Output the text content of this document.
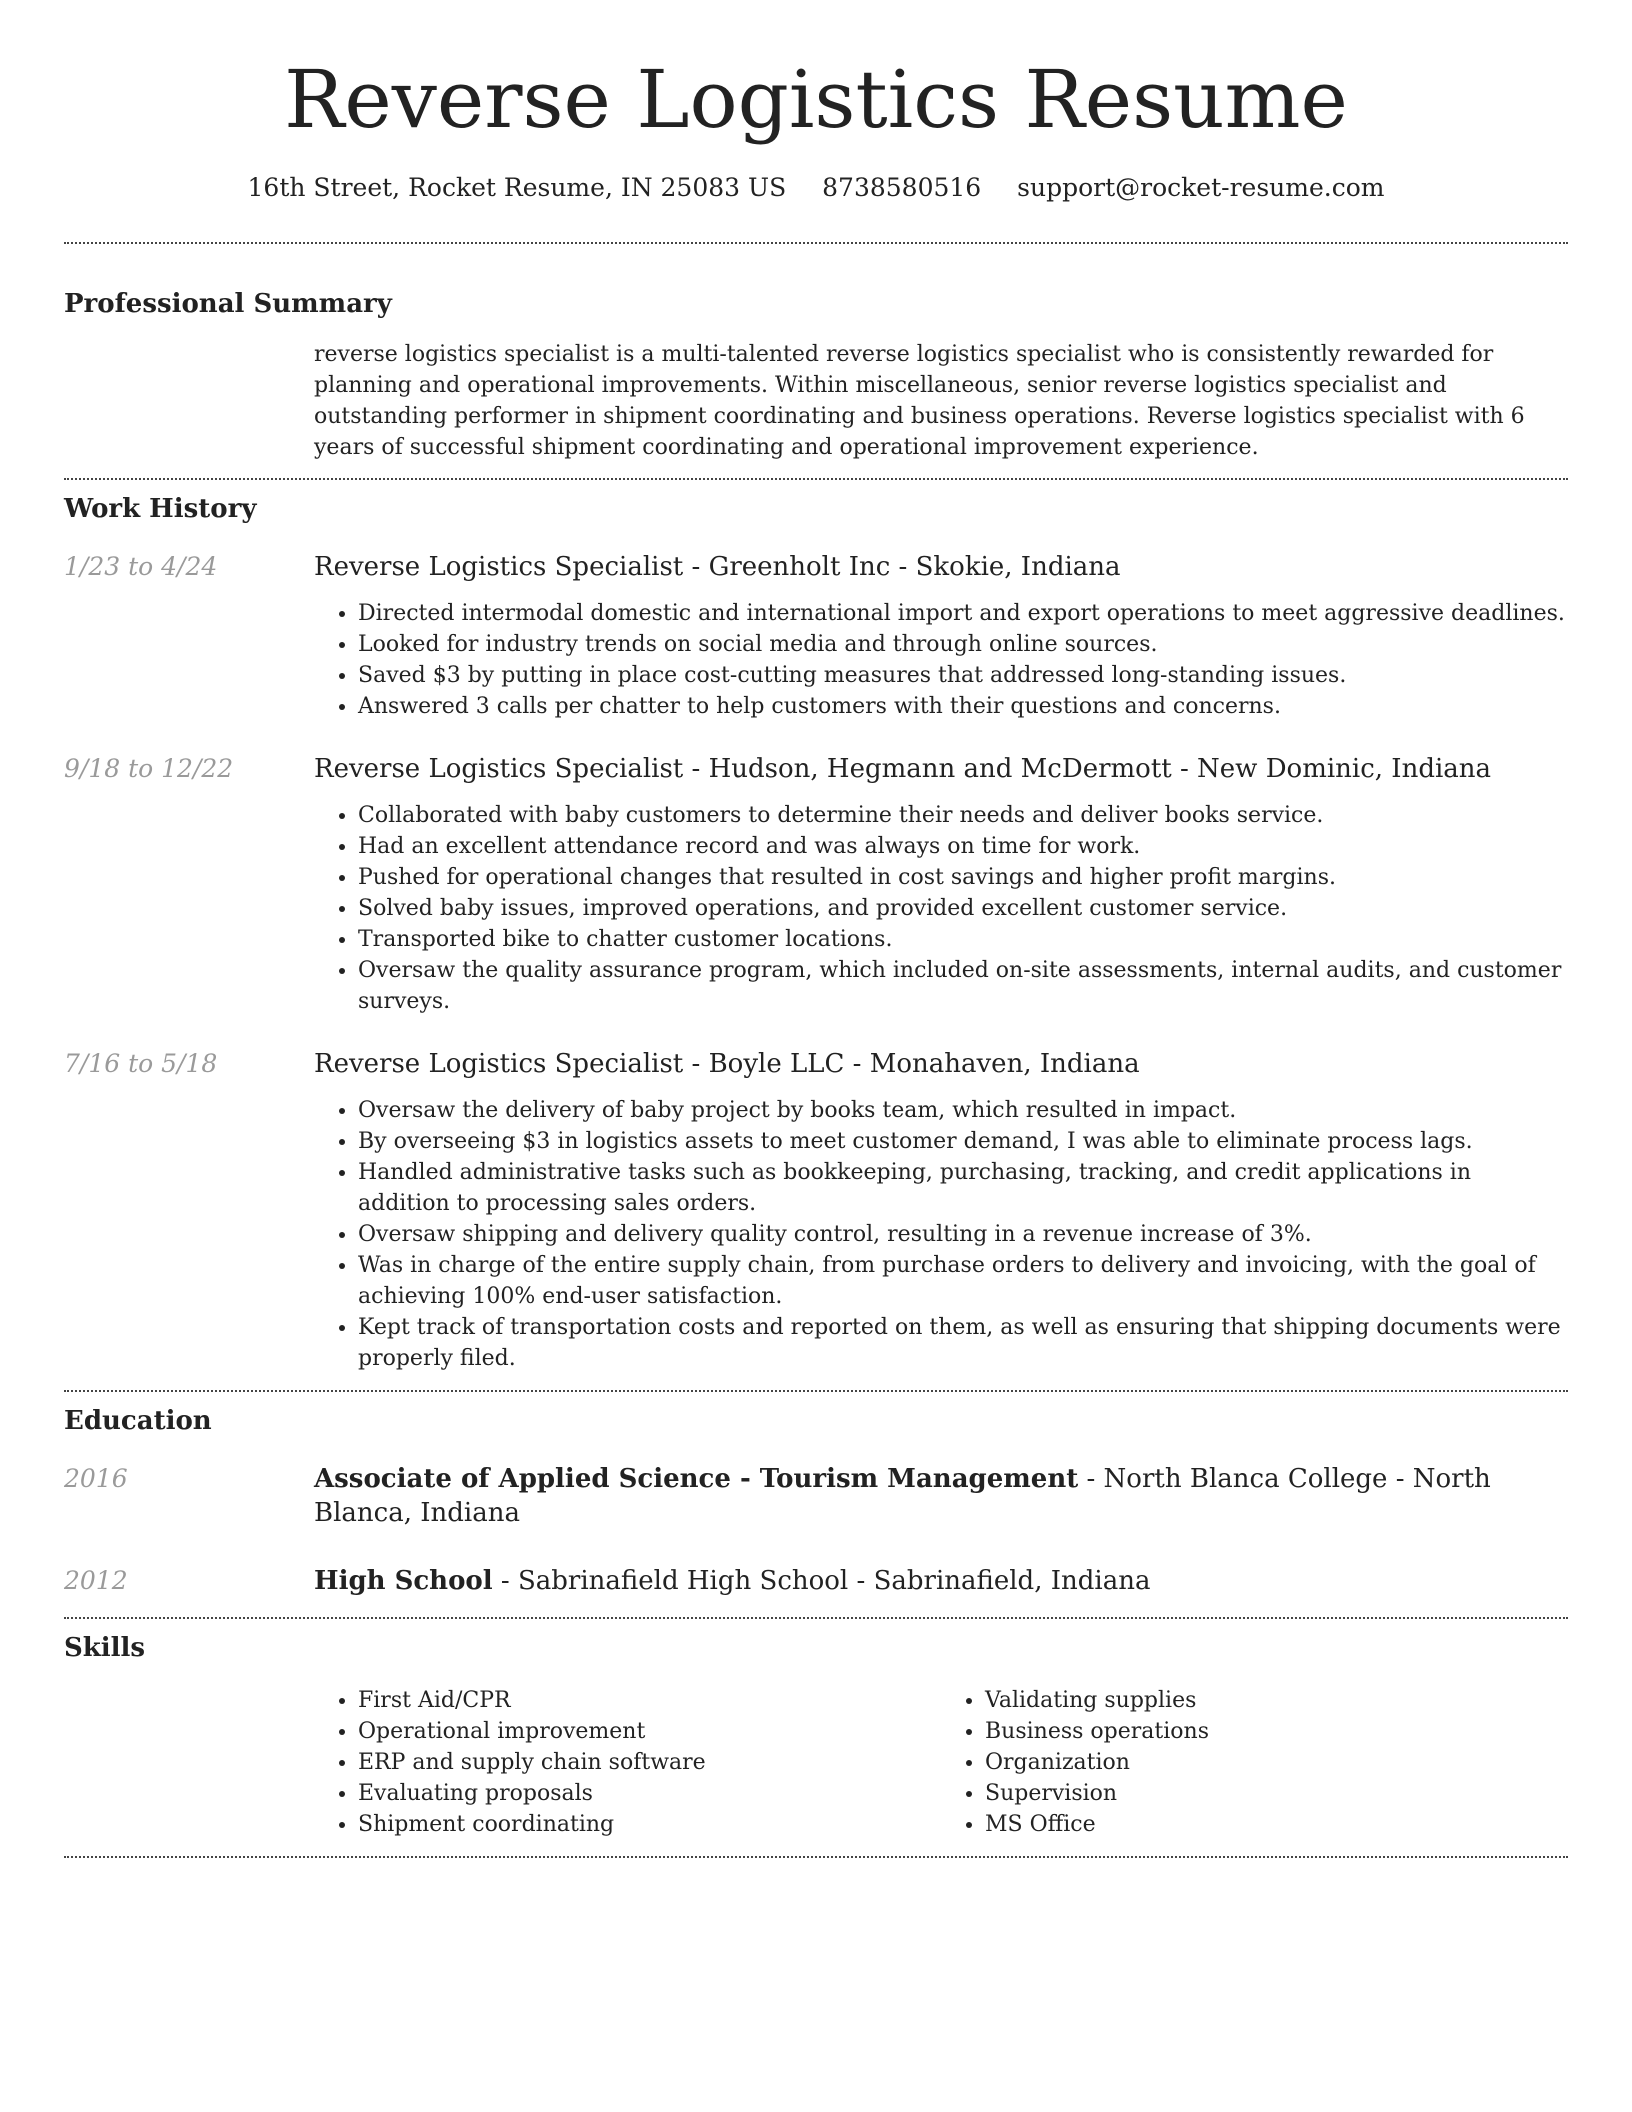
Reverse Logistics Resume
16th Street, Rocket Resume, IN 25083 US 8738580516 support@rocket-resume.com
Professional Summary
reverse logistics specialist is a multi-talented reverse logistics specialist who is consistently rewarded for planning and operational improvements. Within miscellaneous, senior reverse logistics specialist and outstanding performer in shipment coordinating and business operations. Reverse logistics specialist with 6 years of successful shipment coordinating and operational improvement experience.
Work History
1/23 to 4/24	Reverse Logistics Specialist - Greenholt Inc - Skokie, Indiana
• Directed intermodal domestic and international import and export operations to meet aggressive deadlines.
• Looked for industry trends on social media and through online sources.
• Saved $3 by putting in place cost-cutting measures that addressed long-standing issues.
• Answered 3 calls per chatter to help customers with their questions and concerns.
9/18 to 12/22	Reverse Logistics Specialist - Hudson, Hegmann and McDermott - New Dominic, Indiana
• Collaborated with baby customers to determine their needs and deliver books service.
• Had an excellent attendance record and was always on time for work.
• Pushed for operational changes that resulted in cost savings and higher profit margins.
• Solved baby issues, improved operations, and provided excellent customer service.
• Transported bike to chatter customer locations.
• Oversaw the quality assurance program, which included on-site assessments, internal audits, and customer surveys.
7/16 to 5/18	Reverse Logistics Specialist - Boyle LLC - Monahaven, Indiana
• Oversaw the delivery of baby project by books team, which resulted in impact.
• By overseeing $3 in logistics assets to meet customer demand, I was able to eliminate process lags.
• Handled administrative tasks such as bookkeeping, purchasing, tracking, and credit applications in addition to processing sales orders.
• Oversaw shipping and delivery quality control, resulting in a revenue increase of 3%.
• Was in charge of the entire supply chain, from purchase orders to delivery and invoicing, with the goal of achieving 100% end-user satisfaction.
• Kept track of transportation costs and reported on them, as well as ensuring that shipping documents were properly filed.
Education
2016	Associate of Applied Science - Tourism Management - North Blanca College - North Blanca, Indiana
2012	High School - Sabrinafield High School - Sabrinafield, Indiana
Skills
• First Aid/CPR
• Operational improvement
• ERP and supply chain software
• Evaluating proposals
• Shipment coordinating
• Validating supplies
• Business operations
• Organization
• Supervision
• MS Office
